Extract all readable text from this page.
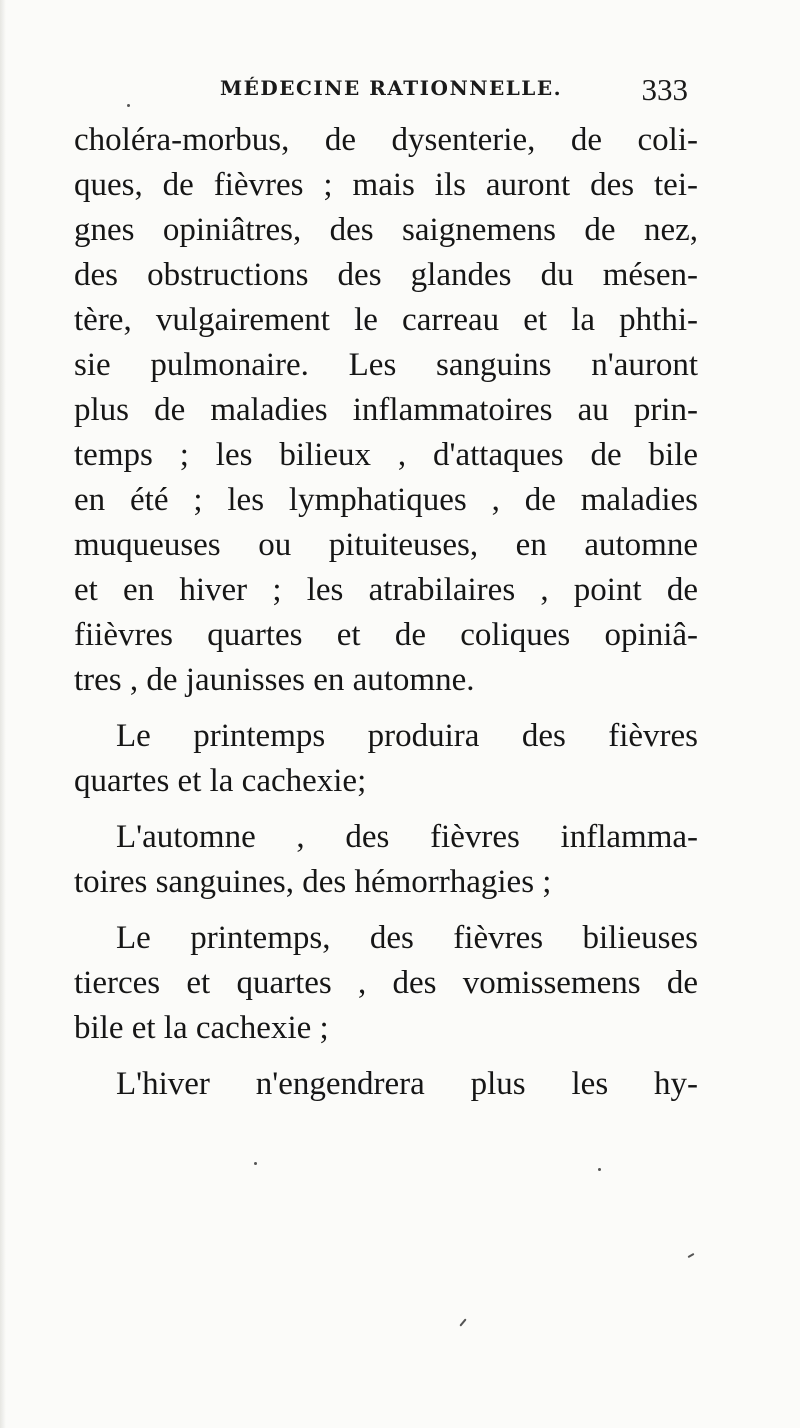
MÉDECINE RATIONNELLE.	333
choléra-morbus, de dysenterie, de coli-
ques, de fièvres ; mais ils auront des tei-
gnes opiniâtres, des saignemens de nez,
des obstructions des glandes du mésen-
tère, vulgairement le carreau et la phthi-
sie pulmonaire. Les sanguins n'auront
plus de maladies inflammatoires au prin-
temps ; les bilieux , d'attaques de bile
en été ; les lymphatiques , de maladies
muqueuses ou pituiteuses, en automne
et en hiver ; les atrabilaires , point de
fiièvres quartes et de coliques opiniâ-
tres , de jaunisses en automne.
Le printemps produira des fièvres
quartes et la cachexie;
L'automne , des fièvres inflamma-
toires sanguines, des hémorrhagies ;
Le printemps, des fièvres bilieuses
tierces et quartes , des vomissemens de
bile et la cachexie ;
L'hiver n'engendrera plus les hy-
